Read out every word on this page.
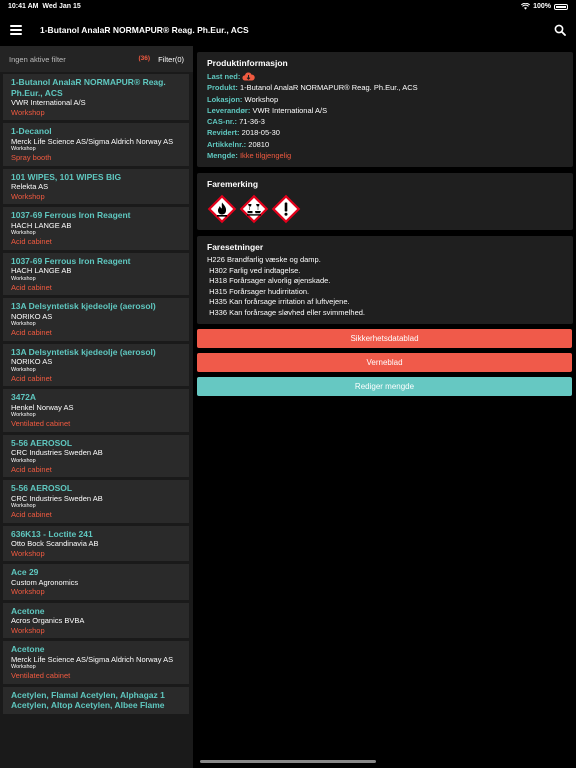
10:41 AM Wed Jan 15	100%
1-Butanol AnalaR NORMAPUR® Reag. Ph.Eur., ACS
Ingen aktive filter	(36) Filter(0)
1-Butanol AnalaR NORMAPUR® Reag. Ph.Eur., ACS
VWR International A/S
Workshop
1-Decanol
Merck Life Science AS/Sigma Aldrich Norway AS
Workshop
Spray booth
101 WIPES, 101 WIPES BIG
Relekta AS
Workshop
1037-69 Ferrous Iron Reagent
HACH LANGE AB
Workshop
Acid cabinet
1037-69 Ferrous Iron Reagent
HACH LANGE AB
Workshop
Acid cabinet
13A Delsyntetisk kjedeolje (aerosol)
NORIKO AS
Workshop
Acid cabinet
13A Delsyntetisk kjedeolje (aerosol)
NORIKO AS
Workshop
Acid cabinet
3472A
Henkel Norway AS
Workshop
Ventilated cabinet
5-56 AEROSOL
CRC Industries Sweden AB
Workshop
Acid cabinet
5-56 AEROSOL
CRC Industries Sweden AB
Workshop
Acid cabinet
636K13 - Loctite 241
Otto Bock Scandinavia AB
Workshop
Ace 29
Custom Agronomics
Workshop
Acetone
Acros Organics BVBA
Workshop
Acetone
Merck Life Science AS/Sigma Aldrich Norway AS
Workshop
Ventilated cabinet
Acetylen, Flamal Acetylen, Alphagaz 1 Acetylen, Altop Acetylen, Albee Flame
Produktinformasjon
Last ned:
Produkt: 1-Butanol AnalaR NORMAPUR® Reag. Ph.Eur., ACS
Lokasjon: Workshop
Leverandør: VWR International A/S
CAS-nr.: 71-36-3
Revidert: 2018-05-30
Artikkelnr.: 20810
Mengde: Ikke tilgjengelig
Faremerking
Faresetninger
H226 Brandfarlig væske og damp.
H302 Farlig ved indtagelse.
H318 Forårsager alvorlig øjenskade.
H315 Forårsager hudirritation.
H335 Kan forårsage irritation af luftvejene.
H336 Kan forårsage sløvhed eller svimmelhed.
Sikkerhetsdatablad
Verneblad
Rediger mengde
